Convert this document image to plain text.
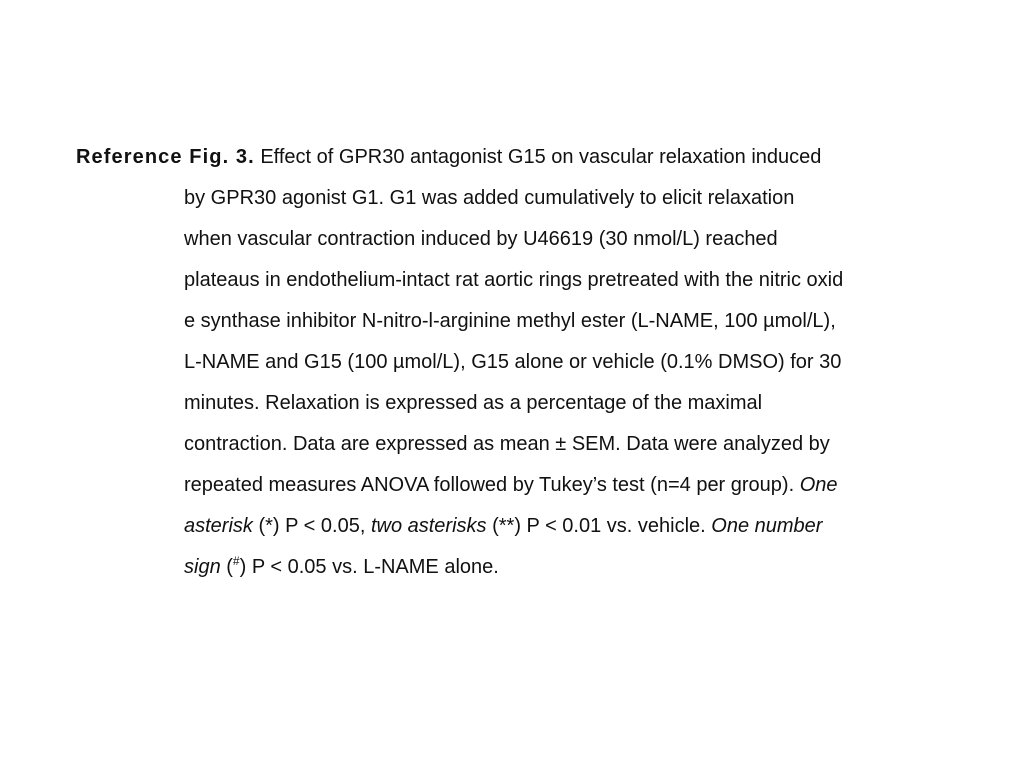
Reference Fig. 3. Effect of GPR30 antagonist G15 on vascular relaxation induced
by GPR30 agonist G1. G1 was added cumulatively to elicit relaxation
when vascular contraction induced by U46619 (30 nmol/L) reached
plateaus in endothelium-intact rat aortic rings pretreated with the nitric oxid
e synthase inhibitor N-nitro-l-arginine methyl ester (L-NAME, 100 µmol/L),
L-NAME and G15 (100 µmol/L), G15 alone or vehicle (0.1% DMSO) for 30
minutes. Relaxation is expressed as a percentage of the maximal
contraction. Data are expressed as mean ± SEM. Data were analyzed by
repeated measures ANOVA followed by Tukey’s test (n=4 per group). One
asterisk (*) P < 0.05, two asterisks (**) P < 0.01 vs. vehicle. One number
sign (#) P < 0.05 vs. L-NAME alone.
